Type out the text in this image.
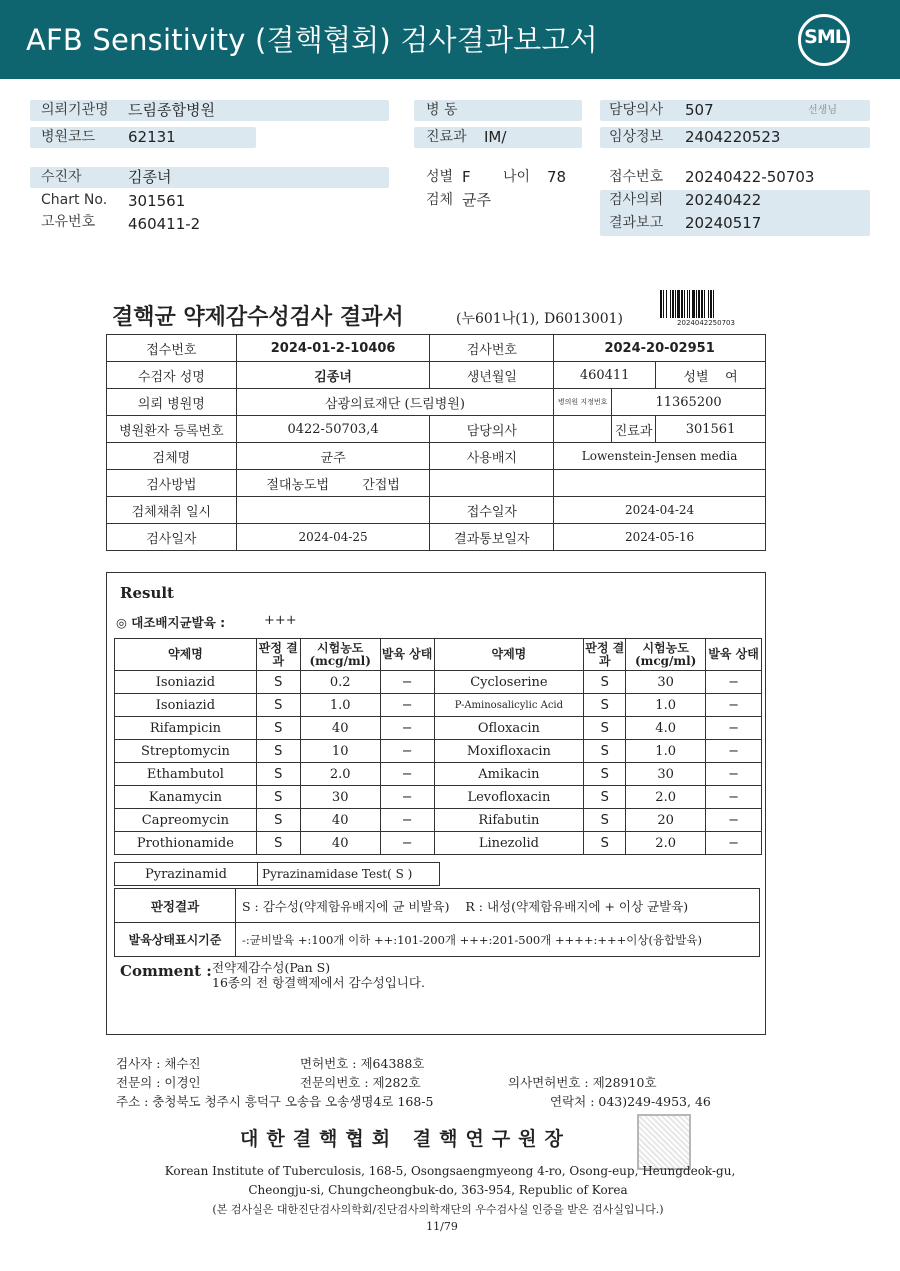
AFB Sensitivity (결핵협회) 검사결과보고서	SML
의뢰기관명 드림종합병원
병원코드 62131
병 동
진료과 IM/
담당의사 507	선생님
임상정보 2404220523
수진자	김종녀
Chart No. 301561
고유번호 460411-2
성별 F 나이 78
검체 균주
접수번호 20240422-50703
검사의뢰 20240422
결과보고 20240517
결핵균 약제감수성검사 결과서	(누601나(1), D6013001)	2024042250703
접수번호	2024-01-2-10406	검사번호	2024-20-02951		
수검자 성명	김종녀	생년월일	460411		성별 여
의뢰 병원명	삼광의료재단 (드림병원)		병의원 지정번호	11365200	
병원환자 등록번호	0422-50703,4	담당의사		진료과	301561
검체명	균주	사용배지	Lowenstein-Jensen media		
검사방법	절대농도법 간접법				
검체채취 일시		접수일자	2024-04-24		
검사일자	2024-04-25	결과통보일자	2024-05-16		
Result
◎ 대조배지균발육 :	+++
약제명	판정 결과	시험농도 (mcg/ml)	발육 상태	약제명	판정 결과	시험농도 (mcg/ml)	발육 상태
Isoniazid	S	0.2	−	Cycloserine	S	30	−
Isoniazid	S	1.0	−	P-Aminosalicylic Acid	S	1.0	−
Rifampicin	S	40	−	Ofloxacin	S	4.0	−
Streptomycin	S	10	−	Moxifloxacin	S	1.0	−
Ethambutol	S	2.0	−	Amikacin	S	30	−
Kanamycin	S	30	−	Levofloxacin	S	2.0	−
Capreomycin	S	40	−	Rifabutin	S	20	−
Prothionamide	S	40	−	Linezolid	S	2.0	−
Pyrazinamid	Pyrazinamidase Test( S )
판정결과	S : 감수성(약제함유배지에 균 비발육) R : 내성(약제함유배지에 + 이상 균발육)
발육상태표시기준	-:균비발육 +:100개 이하 ++:101-200개 +++:201-500개 ++++:+++이상(융합발육)
Comment : 전약제감수성(Pan S)
16종의 전 항결핵제에서 감수성입니다.
검사자 : 채수진	면허번호 : 제64388호
전문의 : 이경인	전문의번호 : 제282호	의사면허번호 : 제28910호
주소 : 충청북도 청주시 흥덕구 오송읍 오송생명4로 168-5	연락처 : 043)249-4953, 46
대한결핵협회 결핵연구원장
Korean Institute of Tuberculosis, 168-5, Osongsaengmyeong 4-ro, Osong-eup, Heungdeok-gu,
Cheongju-si, Chungcheongbuk-do, 363-954, Republic of Korea
(본 검사실은 대한진단검사의학회/진단검사의학재단의 우수검사실 인증을 받은 검사실입니다.)
11/79
